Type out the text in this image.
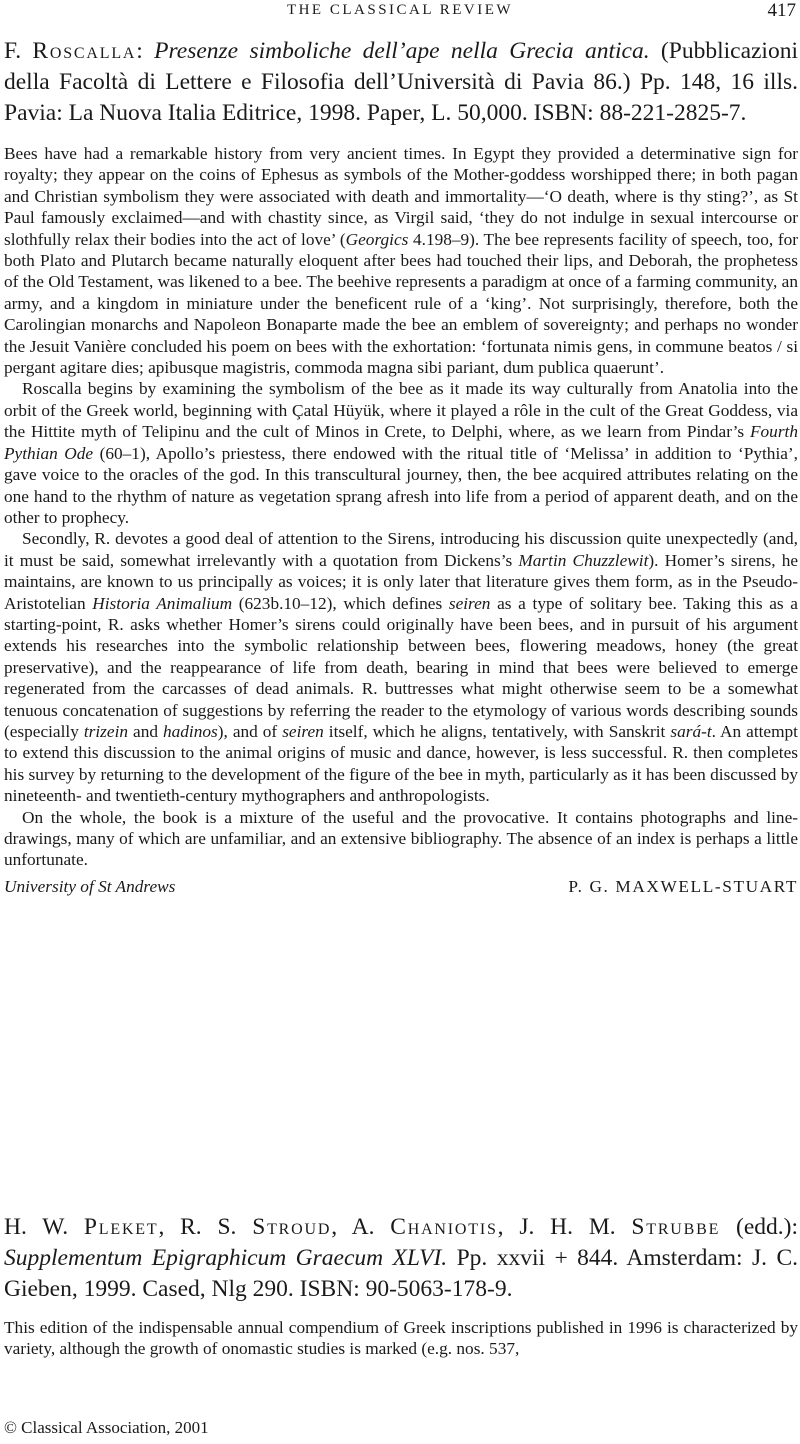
THE CLASSICAL REVIEW	417

F. Roscalla: Presenze simboliche dell’ape nella Grecia antica. (Pubblicazioni della Facoltà di Lettere e Filosofia dell’Università di Pavia 86.) Pp. 148, 16 ills. Pavia: La Nuova Italia Editrice, 1998. Paper, L. 50,000. ISBN: 88-221-2825-7.

Bees have had a remarkable history from very ancient times. In Egypt they provided a determinative sign for royalty; they appear on the coins of Ephesus as symbols of the Mother-goddess worshipped there; in both pagan and Christian symbolism they were associated with death and immortality—‘O death, where is thy sting?’, as St Paul famously exclaimed—and with chastity since, as Virgil said, ‘they do not indulge in sexual intercourse or slothfully relax their bodies into the act of love’ (Georgics 4.198–9). The bee represents facility of speech, too, for both Plato and Plutarch became naturally eloquent after bees had touched their lips, and Deborah, the prophetess of the Old Testament, was likened to a bee. The beehive represents a paradigm at once of a farming community, an army, and a kingdom in miniature under the beneficent rule of a ‘king’. Not surprisingly, therefore, both the Carolingian monarchs and Napoleon Bonaparte made the bee an emblem of sovereignty; and perhaps no wonder the Jesuit Vanière concluded his poem on bees with the exhortation: ‘fortunata nimis gens, in commune beatos / si pergant agitare dies; apibusque magistris, commoda magna sibi pariant, dum publica quaerunt’.

Roscalla begins by examining the symbolism of the bee as it made its way culturally from Anatolia into the orbit of the Greek world, beginning with Çatal Hüyük, where it played a rôle in the cult of the Great Goddess, via the Hittite myth of Telipinu and the cult of Minos in Crete, to Delphi, where, as we learn from Pindar’s Fourth Pythian Ode (60–1), Apollo’s priestess, there endowed with the ritual title of ‘Melissa’ in addition to ‘Pythia’, gave voice to the oracles of the god. In this transcultural journey, then, the bee acquired attributes relating on the one hand to the rhythm of nature as vegetation sprang afresh into life from a period of apparent death, and on the other to prophecy.

Secondly, R. devotes a good deal of attention to the Sirens, introducing his discussion quite unexpectedly (and, it must be said, somewhat irrelevantly with a quotation from Dickens’s Martin Chuzzlewit). Homer’s sirens, he maintains, are known to us principally as voices; it is only later that literature gives them form, as in the Pseudo-Aristotelian Historia Animalium (623b.10–12), which defines seiren as a type of solitary bee. Taking this as a starting-point, R. asks whether Homer’s sirens could originally have been bees, and in pursuit of his argument extends his researches into the symbolic relationship between bees, flowering meadows, honey (the great preservative), and the reappearance of life from death, bearing in mind that bees were believed to emerge regenerated from the carcasses of dead animals. R. buttresses what might otherwise seem to be a somewhat tenuous concatenation of suggestions by referring the reader to the etymology of various words describing sounds (especially trizein and hadinos), and of seiren itself, which he aligns, tentatively, with Sanskrit sará-t. An attempt to extend this discussion to the animal origins of music and dance, however, is less successful. R. then completes his survey by returning to the development of the figure of the bee in myth, particularly as it has been discussed by nineteenth- and twentieth-century mythographers and anthropologists.

On the whole, the book is a mixture of the useful and the provocative. It contains photographs and line-drawings, many of which are unfamiliar, and an extensive bibliography. The absence of an index is perhaps a little unfortunate.

University of St Andrews	P. G. MAXWELL-STUART

H. W. Pleket, R. S. Stroud, A. Chaniotis, J. H. M. Strubbe (edd.): Supplementum Epigraphicum Graecum XLVI. Pp. xxvii + 844. Amsterdam: J. C. Gieben, 1999. Cased, Nlg 290. ISBN: 90-5063-178-9.

This edition of the indispensable annual compendium of Greek inscriptions published in 1996 is characterized by variety, although the growth of onomastic studies is marked (e.g. nos. 537,

© Classical Association, 2001
